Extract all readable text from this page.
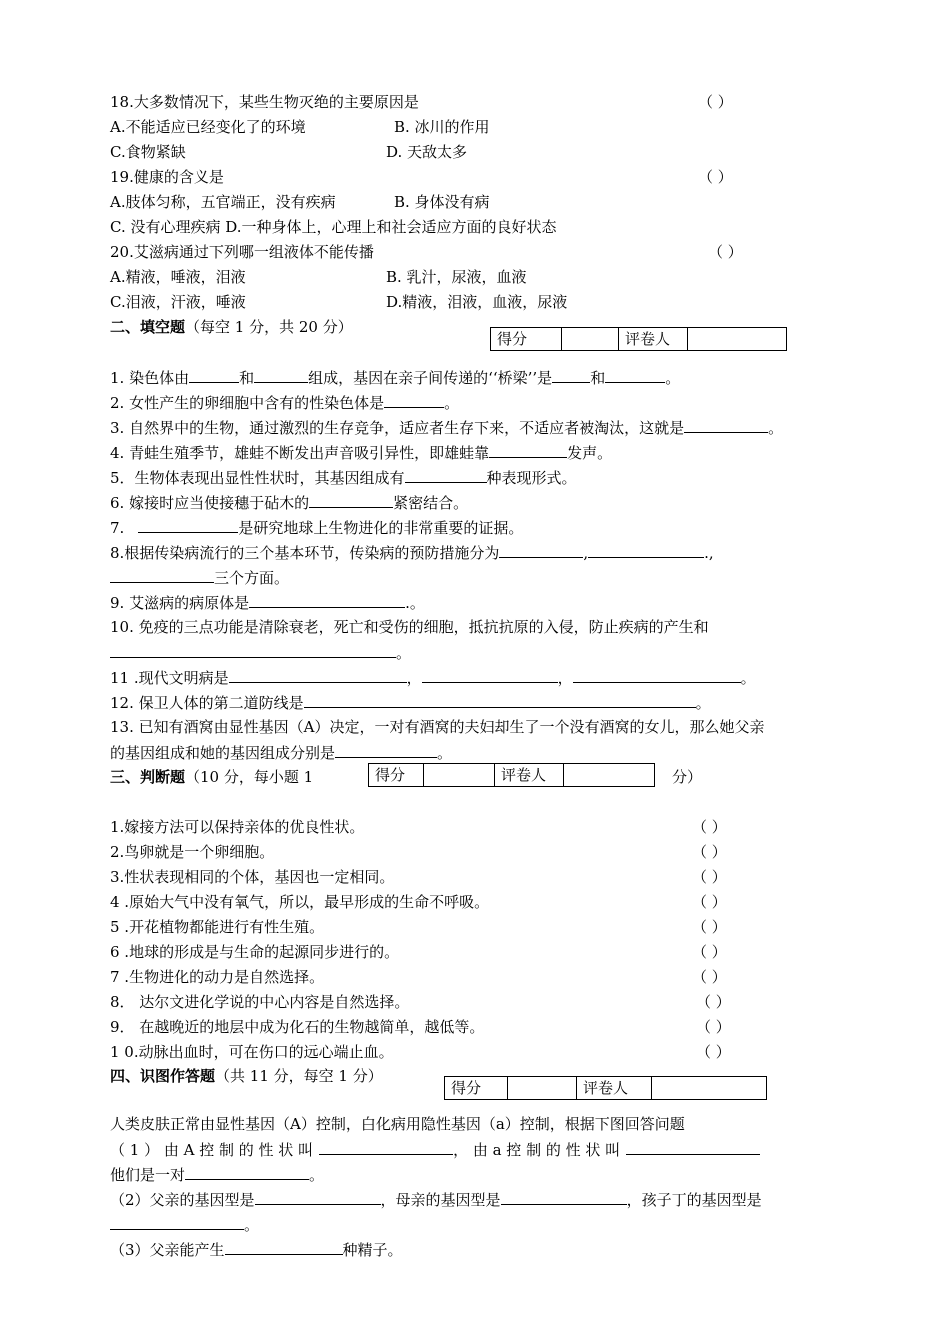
18.大多数情况下，某些生物灭绝的主要原因是	（ ）
A.不能适应已经变化了的环境	B. 冰川的作用
C.食物紧缺	D. 天敌太多
19.健康的含义是	（ ）
A.肢体匀称，五官端正，没有疾病	B. 身体没有病
C. 没有心理疾病 D.一种身体上，心理上和社会适应方面的良好状态
20.艾滋病通过下列哪一组液体不能传播	（ ）
A.精液，唾液，泪液	B. 乳汁，尿液，血液
C.泪液，汗液，唾液	D.精液，泪液，血液，尿液
二、填空题（每空 1 分，共 20 分）
得分		评卷人	
1. 染色体由	和	组成，基因在亲子间传递的‘‘桥梁’’是	和	。
2. 女性产生的卵细胞中含有的性染色体是	。
3. 自然界中的生物，通过激烈的生存竞争，适应者生存下来，不适应者被淘汰，这就是	。
4. 青蛙生殖季节，雄蛙不断发出声音吸引异性，即雄蛙靠	发声。
5．生物体表现出显性性状时，其基因组成有	种表现形式。
6. 嫁接时应当使接穗于砧木的	紧密结合。
7.	是研究地球上生物进化的非常重要的证据。
8.根据传染病流行的三个基本环节，传染病的预防措施分为	,	.,
三个方面。
9. 艾滋病的病原体是	.。
10. 免疫的三点功能是清除衰老，死亡和受伤的细胞，抵抗抗原的入侵，防止疾病的产生和
。
11 .现代文明病是	，	，	。
12. 保卫人体的第二道防线是	。
13. 已知有酒窝由显性基因（A）决定，一对有酒窝的夫妇却生了一个没有酒窝的女儿，那么她父亲
的基因组成和她的基因组成分别是	。
三、判断题（10 分，每小题 1	得分		评卷人		分）
1.嫁接方法可以保持亲体的优良性状。	（ ）
2.鸟卵就是一个卵细胞。	（ ）
3.性状表现相同的个体，基因也一定相同。	（ ）
4 .原始大气中没有氧气，所以，最早形成的生命不呼吸。	（ ）
5 .开花植物都能进行有性生殖。	（ ）
6 .地球的形成是与生命的起源同步进行的。	（ ）
7 .生物进化的动力是自然选择。	（ ）
8． 达尔文进化学说的中心内容是自然选择。	（ ）
9． 在越晚近的地层中成为化石的生物越简单，越低等。	（ ）
1 0.动脉出血时，可在伤口的远心端止血。	（ ）
四、识图作答题（共 11 分，每空 1 分）
得分		评卷人	
人类皮肤正常由显性基因（A）控制，白化病用隐性基因（a）控制，根据下图回答问题
（ 1 ） 由 A 控 制 的 性 状 叫	， 由 a 控 制 的 性 状 叫
他们是一对	。
（2）父亲的基因型是	，母亲的基因型是	，孩子丁的基因型是
。
（3）父亲能产生	种精子。
